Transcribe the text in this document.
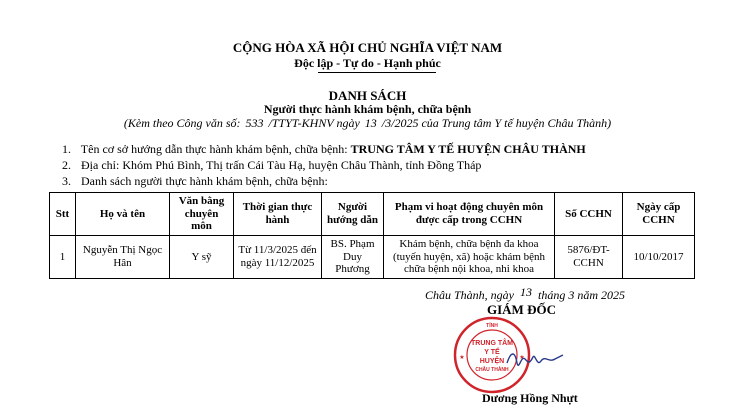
CỘNG HÒA XÃ HỘI CHỦ NGHĨA VIỆT NAM
Độc lập - Tự do - Hạnh phúc
DANH SÁCH
Người thực hành khám bệnh, chữa bệnh
(Kèm theo Công văn số: 533 /TTYT-KHNV ngày 13 /3/2025 của Trung tâm Y tế huyện Châu Thành)
1. Tên cơ sở hướng dẫn thực hành khám bệnh, chữa bệnh: TRUNG TÂM Y TẾ HUYỆN CHÂU THÀNH
2. Địa chỉ: Khóm Phú Bình, Thị trấn Cái Tàu Hạ, huyện Châu Thành, tỉnh Đồng Tháp
3. Danh sách người thực hành khám bệnh, chữa bệnh:
Stt	Họ và tên	Văn bằng chuyên môn	Thời gian thực hành	Người hướng dẫn	Phạm vi hoạt động chuyên môn được cấp trong CCHN	Số CCHN	Ngày cấp CCHN
1	Nguyễn Thị Ngọc Hân	Y sỹ	Từ 11/3/2025 đến ngày 11/12/2025	BS. Phạm Duy Phương	Khám bệnh, chữa bệnh đa khoa (tuyến huyện, xã) hoặc khám bệnh chữa bệnh nội khoa, nhi khoa	5876/ĐT-CCHN	10/10/2017
Châu Thành, ngày 13 tháng 3 năm 2025
GIÁM ĐỐC
TRUNG TÂM
Y TẾ
HUYỆN
CHÂU THÀNH
TỈNH
★	★
Dương Hồng Nhựt
